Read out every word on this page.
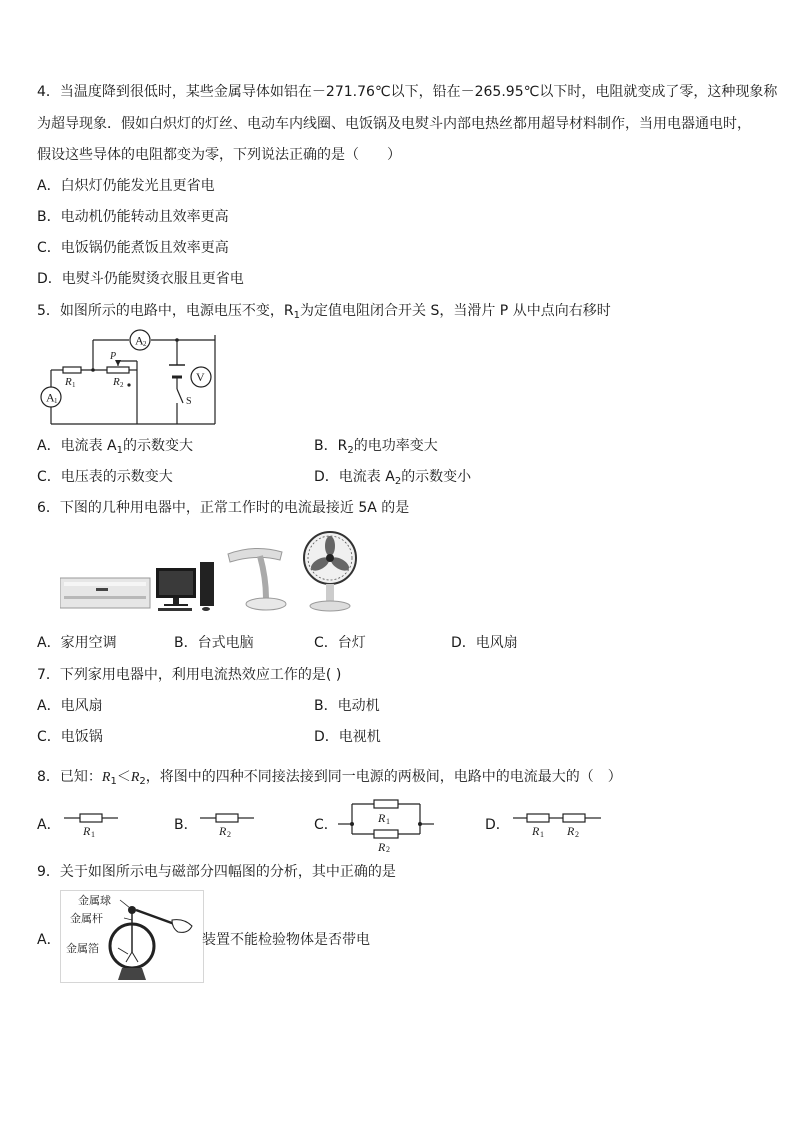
4．当温度降到很低时，某些金属导体如铝在－271.76℃以下，铅在－265.95℃以下时，电阻就变成了零，这种现象称
为超导现象．假如白炽灯的灯丝、电动车内线圈、电饭锅及电熨斗内部电热丝都用超导材料制作，当用电器通电时，
假设这些导体的电阻都变为零，下列说法正确的是（　　）
A．白炽灯仍能发光且更省电
B．电动机仍能转动且效率更高
C．电饭锅仍能煮饭且效率更高
D．电熨斗仍能熨烫衣服且更省电
5．如图所示的电路中，电源电压不变，$R_1$为定值电阻闭合开关 S，当滑片 P 从中点向右移时
A 2
A 1
V
R 1	R 2
P
S
A．电流表 $A_1$的示数变大	B．$R_2$的电功率变大
C．电压表的示数变大	D．电流表 $A_2$的示数变小
6．下图的几种用电器中，正常工作时的电流最接近 5A 的是
A．家用空调	B．台式电脑	C．台灯	D．电风扇
7．下列家用电器中，利用电流热效应工作的是( )
A．电风扇	B．电动机
C．电饭锅	D．电视机
8．已知：$R_1<R_2$，将图中的四种不同接法接到同一电源的两极间，电路中的电流最大的（　）
A． R 1
B． R 2
C．	R 1
R 2
D． R 1 R 2
9．关于如图所示电与磁部分四幅图的分析，其中正确的是
A．
金属球
金属杆
金属箔
装置不能检验物体是否带电
